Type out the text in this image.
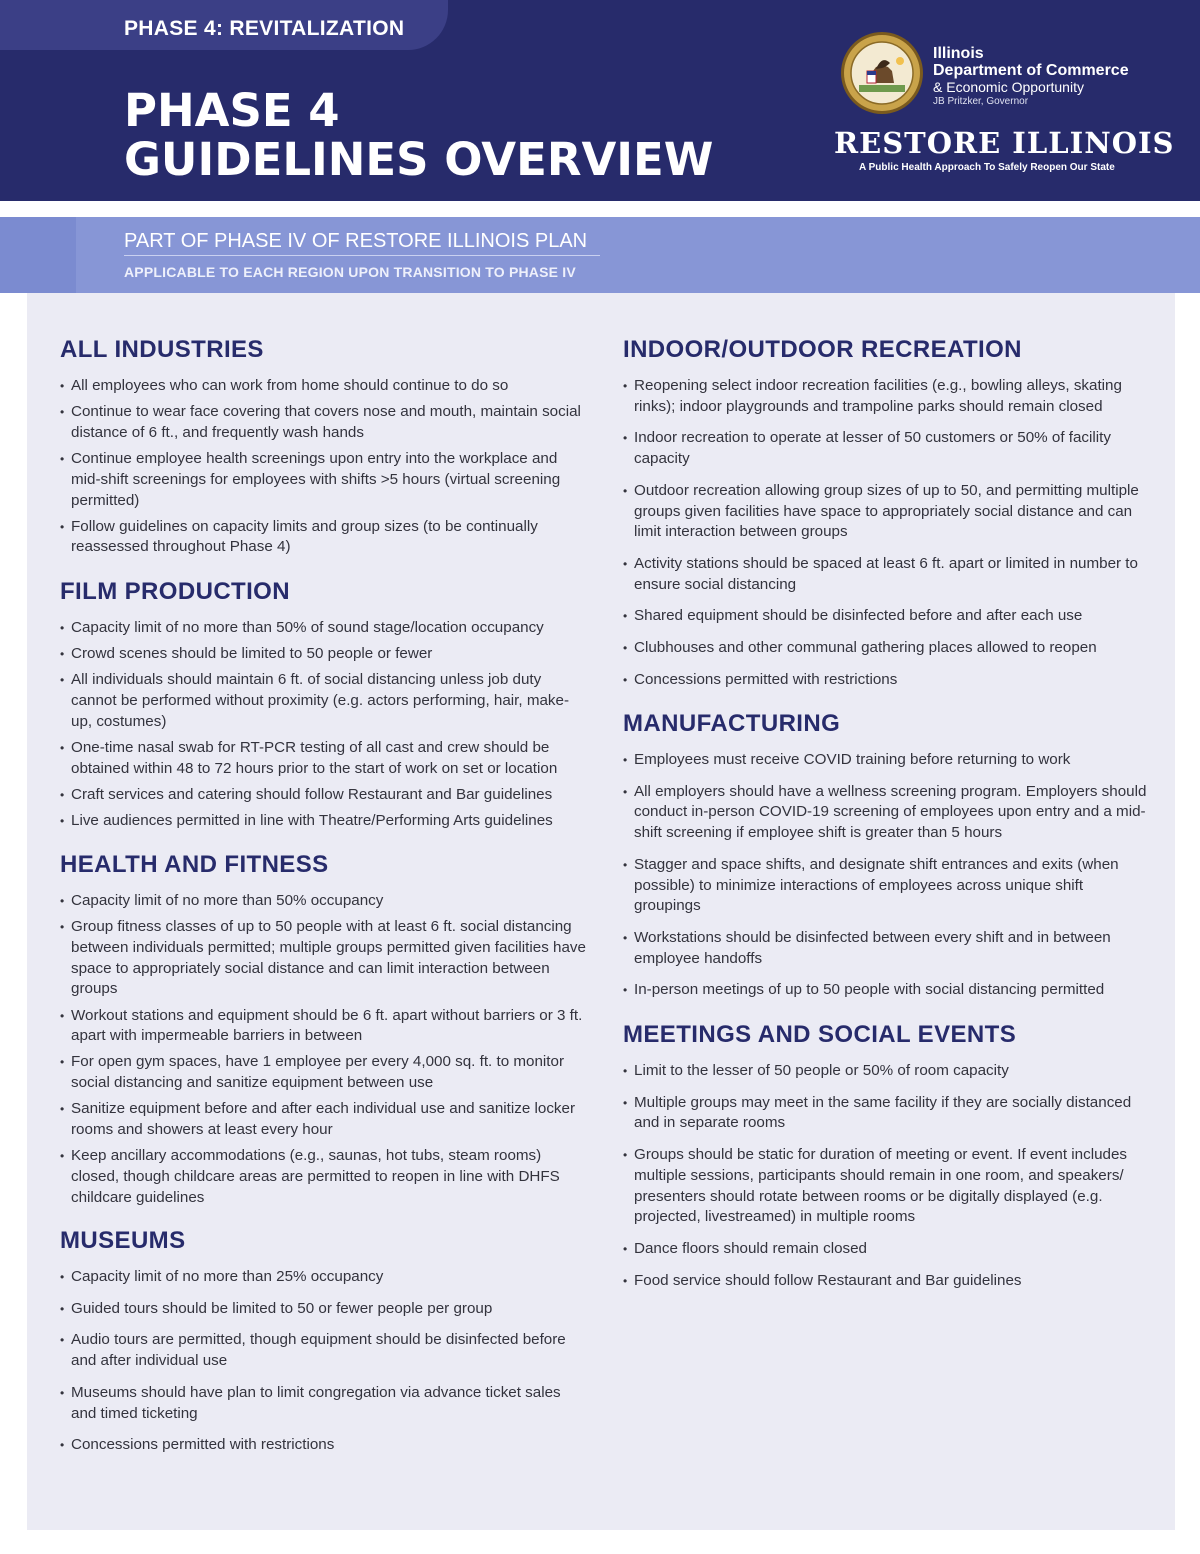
PHASE 4: REVITALIZATION
PHASE 4
GUIDELINES OVERVIEW
Illinois
Department of Commerce
& Economic Opportunity
JB Pritzker, Governor
RESTORE ILLINOIS
A Public Health Approach To Safely Reopen Our State
PART OF PHASE IV OF RESTORE ILLINOIS PLAN
APPLICABLE TO EACH REGION UPON TRANSITION TO PHASE IV
ALL INDUSTRIES
• All employees who can work from home should continue to do so
• Continue to wear face covering that covers nose and mouth, maintain social distance of 6 ft., and frequently wash hands
• Continue employee health screenings upon entry into the workplace and mid-shift screenings for employees with shifts >5 hours (virtual screening permitted)
• Follow guidelines on capacity limits and group sizes (to be continually reassessed throughout Phase 4)
FILM PRODUCTION
• Capacity limit of no more than 50% of sound stage/location occupancy
• Crowd scenes should be limited to 50 people or fewer
• All individuals should maintain 6 ft. of social distancing unless job duty cannot be performed without proximity (e.g. actors performing, hair, make-up, costumes)
• One-time nasal swab for RT-PCR testing of all cast and crew should be obtained within 48 to 72 hours prior to the start of work on set or location
• Craft services and catering should follow Restaurant and Bar guidelines
• Live audiences permitted in line with Theatre/Performing Arts guidelines
HEALTH AND FITNESS
• Capacity limit of no more than 50% occupancy
• Group fitness classes of up to 50 people with at least 6 ft. social distancing between individuals permitted; multiple groups permitted given facilities have space to appropriately social distance and can limit interaction between groups
• Workout stations and equipment should be 6 ft. apart without barriers or 3 ft. apart with impermeable barriers in between
• For open gym spaces, have 1 employee per every 4,000 sq. ft. to monitor social distancing and sanitize equipment between use
• Sanitize equipment before and after each individual use and sanitize locker rooms and showers at least every hour
• Keep ancillary accommodations (e.g., saunas, hot tubs, steam rooms) closed, though childcare areas are permitted to reopen in line with DHFS childcare guidelines
MUSEUMS
• Capacity limit of no more than 25% occupancy
• Guided tours should be limited to 50 or fewer people per group
• Audio tours are permitted, though equipment should be disinfected before and after individual use
• Museums should have plan to limit congregation via advance ticket sales and timed ticketing
• Concessions permitted with restrictions
INDOOR/OUTDOOR RECREATION
• Reopening select indoor recreation facilities (e.g., bowling alleys, skating rinks); indoor playgrounds and trampoline parks should remain closed
• Indoor recreation to operate at lesser of 50 customers or 50% of facility capacity
• Outdoor recreation allowing group sizes of up to 50, and permitting multiple groups given facilities have space to appropriately social distance and can limit interaction between groups
• Activity stations should be spaced at least 6 ft. apart or limited in number to ensure social distancing
• Shared equipment should be disinfected before and after each use
• Clubhouses and other communal gathering places allowed to reopen
• Concessions permitted with restrictions
MANUFACTURING
• Employees must receive COVID training before returning to work
• All employers should have a wellness screening program. Employers should conduct in-person COVID-19 screening of employees upon entry and a mid-shift screening if employee shift is greater than 5 hours
• Stagger and space shifts, and designate shift entrances and exits (when possible) to minimize interactions of employees across unique shift groupings
• Workstations should be disinfected between every shift and in between employee handoffs
• In-person meetings of up to 50 people with social distancing permitted
MEETINGS AND SOCIAL EVENTS
• Limit to the lesser of 50 people or 50% of room capacity
• Multiple groups may meet in the same facility if they are socially distanced and in separate rooms
• Groups should be static for duration of meeting or event. If event includes multiple sessions, participants should remain in one room, and speakers/ presenters should rotate between rooms or be digitally displayed (e.g. projected, livestreamed) in multiple rooms
• Dance floors should remain closed
• Food service should follow Restaurant and Bar guidelines
